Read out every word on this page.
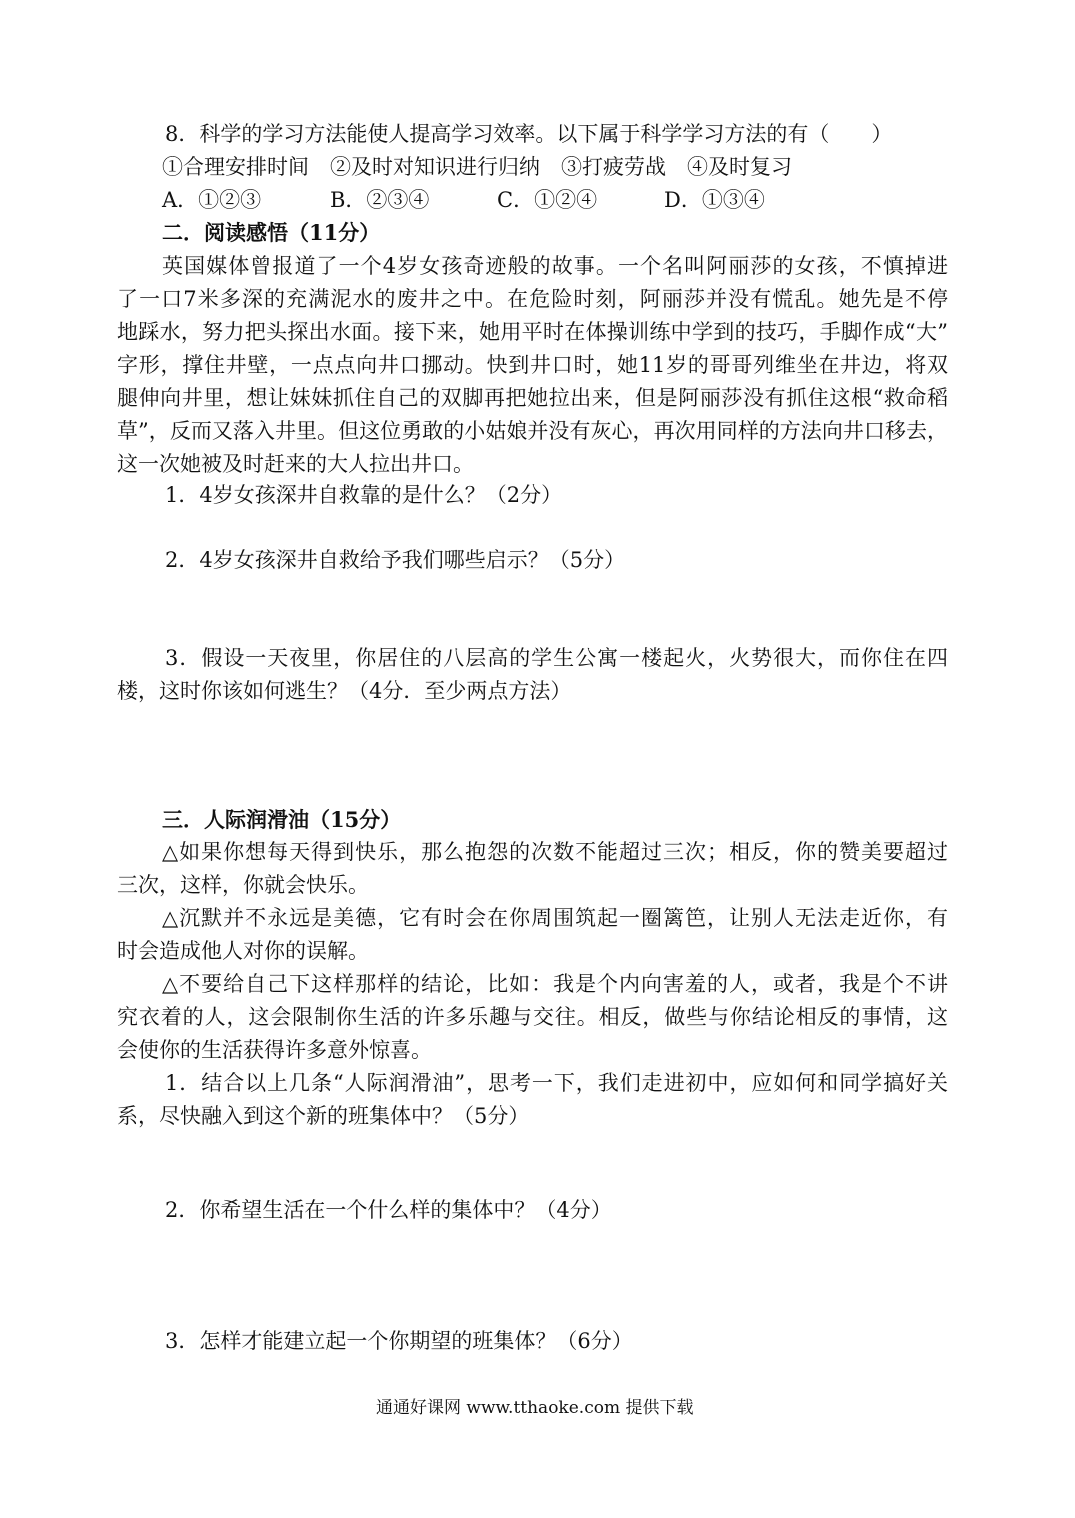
8．科学的学习方法能使人提高学习效率。以下属于科学学习方法的有（　　）
①合理安排时间　②及时对知识进行归纳　③打疲劳战　④及时复习
A．①②③	B．②③④	C．①②④	D．①③④
二．阅读感悟（11分）
英国媒体曾报道了一个4岁女孩奇迹般的故事。一个名叫阿丽莎的女孩，不慎掉进
了一口7米多深的充满泥水的废井之中。在危险时刻，阿丽莎并没有慌乱。她先是不停
地踩水，努力把头探出水面。接下来，她用平时在体操训练中学到的技巧，手脚作成“大”
字形，撑住井壁，一点点向井口挪动。快到井口时，她11岁的哥哥列维坐在井边，将双
腿伸向井里，想让妹妹抓住自己的双脚再把她拉出来，但是阿丽莎没有抓住这根“救命稻
草”，反而又落入井里。但这位勇敢的小姑娘并没有灰心，再次用同样的方法向井口移去，
这一次她被及时赶来的大人拉出井口。
1．4岁女孩深井自救靠的是什么？（2分）
2．4岁女孩深井自救给予我们哪些启示？（5分）
3．假设一天夜里，你居住的八层高的学生公寓一楼起火，火势很大，而你住在四
楼，这时你该如何逃生？（4分．至少两点方法）
三．人际润滑油（15分）
△如果你想每天得到快乐，那么抱怨的次数不能超过三次；相反，你的赞美要超过
三次，这样，你就会快乐。
△沉默并不永远是美德，它有时会在你周围筑起一圈篱笆，让别人无法走近你，有
时会造成他人对你的误解。
△不要给自己下这样那样的结论，比如：我是个内向害羞的人，或者，我是个不讲
究衣着的人，这会限制你生活的许多乐趣与交往。相反，做些与你结论相反的事情，这
会使你的生活获得许多意外惊喜。
1．结合以上几条“人际润滑油”，思考一下，我们走进初中，应如何和同学搞好关
系，尽快融入到这个新的班集体中？（5分）
2．你希望生活在一个什么样的集体中？（4分）
3．怎样才能建立起一个你期望的班集体？（6分）
通通好课网 www.tthaoke.com 提供下载
